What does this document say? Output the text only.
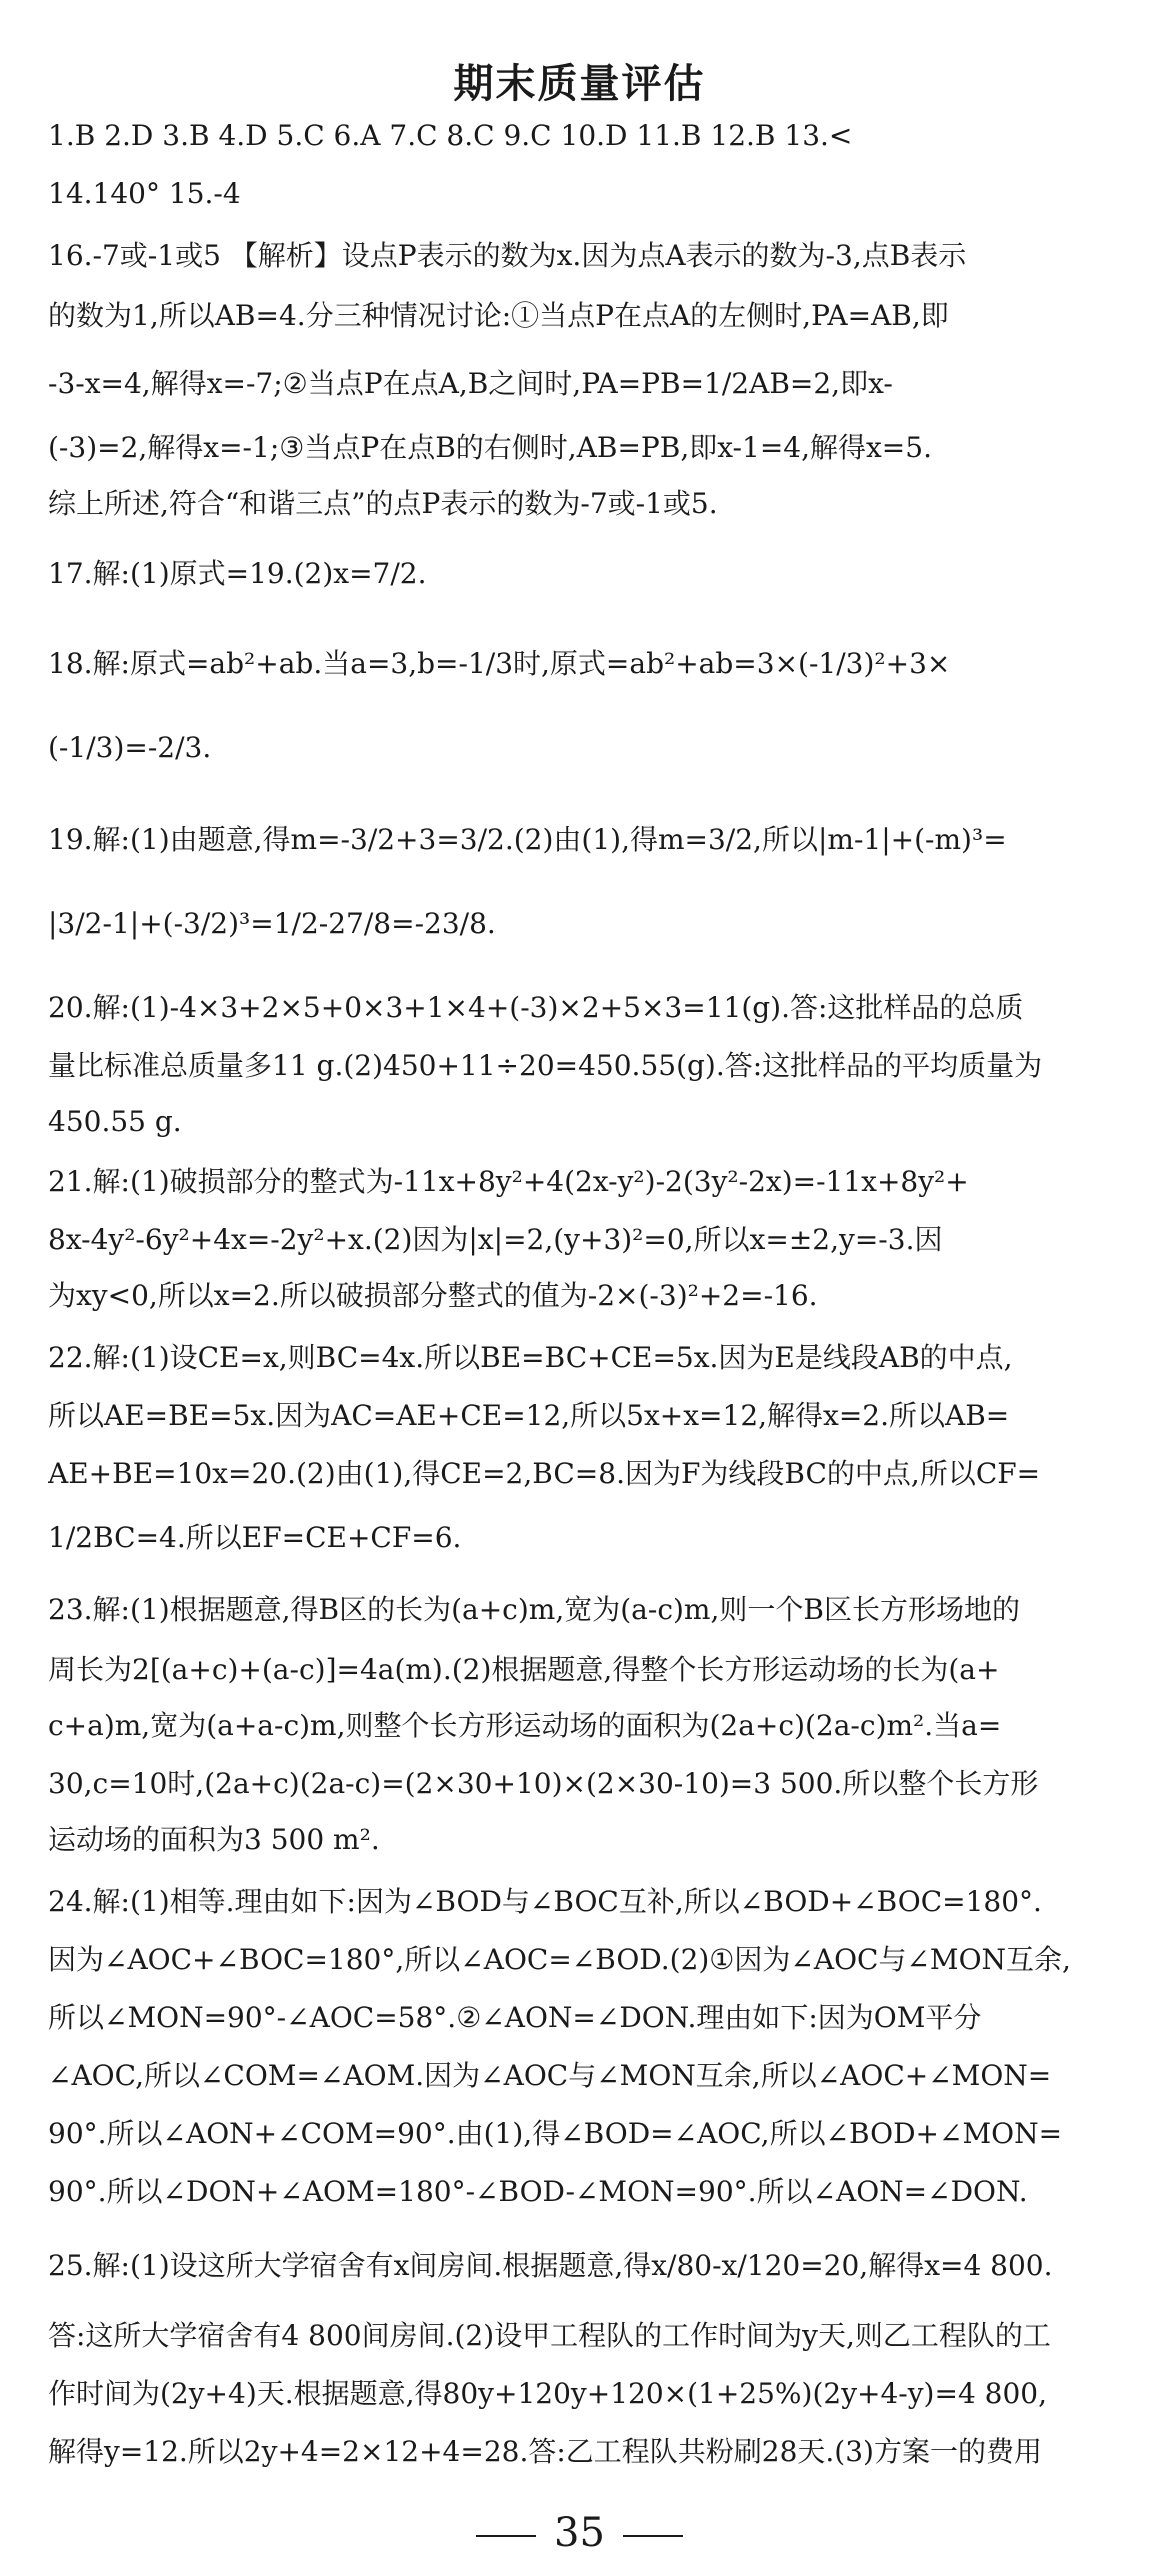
期末质量评估
1.B 2.D 3.B 4.D 5.C 6.A 7.C 8.C 9.C 10.D 11.B 12.B 13.<
14.140° 15.-4
16.-7或-1或5 【解析】设点P表示的数为x.因为点A表示的数为-3,点B表示
的数为1,所以AB=4.分三种情况讨论:①当点P在点A的左侧时,PA=AB,即
-3-x=4,解得x=-7;②当点P在点A,B之间时,PA=PB=1/2AB=2,即x-
(-3)=2,解得x=-1;③当点P在点B的右侧时,AB=PB,即x-1=4,解得x=5.
综上所述,符合“和谐三点”的点P表示的数为-7或-1或5.
17.解:(1)原式=19.(2)x=7/2.
18.解:原式=ab²+ab.当a=3,b=-1/3时,原式=ab²+ab=3×(-1/3)²+3×
(-1/3)=-2/3.
19.解:(1)由题意,得m=-3/2+3=3/2.(2)由(1),得m=3/2,所以|m-1|+(-m)³=
|3/2-1|+(-3/2)³=1/2-27/8=-23/8.
20.解:(1)-4×3+2×5+0×3+1×4+(-3)×2+5×3=11(g).答:这批样品的总质
量比标准总质量多11 g.(2)450+11÷20=450.55(g).答:这批样品的平均质量为
450.55 g.
21.解:(1)破损部分的整式为-11x+8y²+4(2x-y²)-2(3y²-2x)=-11x+8y²+
8x-4y²-6y²+4x=-2y²+x.(2)因为|x|=2,(y+3)²=0,所以x=±2,y=-3.因
为xy<0,所以x=2.所以破损部分整式的值为-2×(-3)²+2=-16.
22.解:(1)设CE=x,则BC=4x.所以BE=BC+CE=5x.因为E是线段AB的中点,
所以AE=BE=5x.因为AC=AE+CE=12,所以5x+x=12,解得x=2.所以AB=
AE+BE=10x=20.(2)由(1),得CE=2,BC=8.因为F为线段BC的中点,所以CF=
1/2BC=4.所以EF=CE+CF=6.
23.解:(1)根据题意,得B区的长为(a+c)m,宽为(a-c)m,则一个B区长方形场地的
周长为2[(a+c)+(a-c)]=4a(m).(2)根据题意,得整个长方形运动场的长为(a+
c+a)m,宽为(a+a-c)m,则整个长方形运动场的面积为(2a+c)(2a-c)m².当a=
30,c=10时,(2a+c)(2a-c)=(2×30+10)×(2×30-10)=3 500.所以整个长方形
运动场的面积为3 500 m².
24.解:(1)相等.理由如下:因为∠BOD与∠BOC互补,所以∠BOD+∠BOC=180°.
因为∠AOC+∠BOC=180°,所以∠AOC=∠BOD.(2)①因为∠AOC与∠MON互余,
所以∠MON=90°-∠AOC=58°.②∠AON=∠DON.理由如下:因为OM平分
∠AOC,所以∠COM=∠AOM.因为∠AOC与∠MON互余,所以∠AOC+∠MON=
90°.所以∠AON+∠COM=90°.由(1),得∠BOD=∠AOC,所以∠BOD+∠MON=
90°.所以∠DON+∠AOM=180°-∠BOD-∠MON=90°.所以∠AON=∠DON.
25.解:(1)设这所大学宿舍有x间房间.根据题意,得x/80-x/120=20,解得x=4 800.
答:这所大学宿舍有4 800间房间.(2)设甲工程队的工作时间为y天,则乙工程队的工
作时间为(2y+4)天.根据题意,得80y+120y+120×(1+25%)(2y+4-y)=4 800,
解得y=12.所以2y+4=2×12+4=28.答:乙工程队共粉刷28天.(3)方案一的费用
35
